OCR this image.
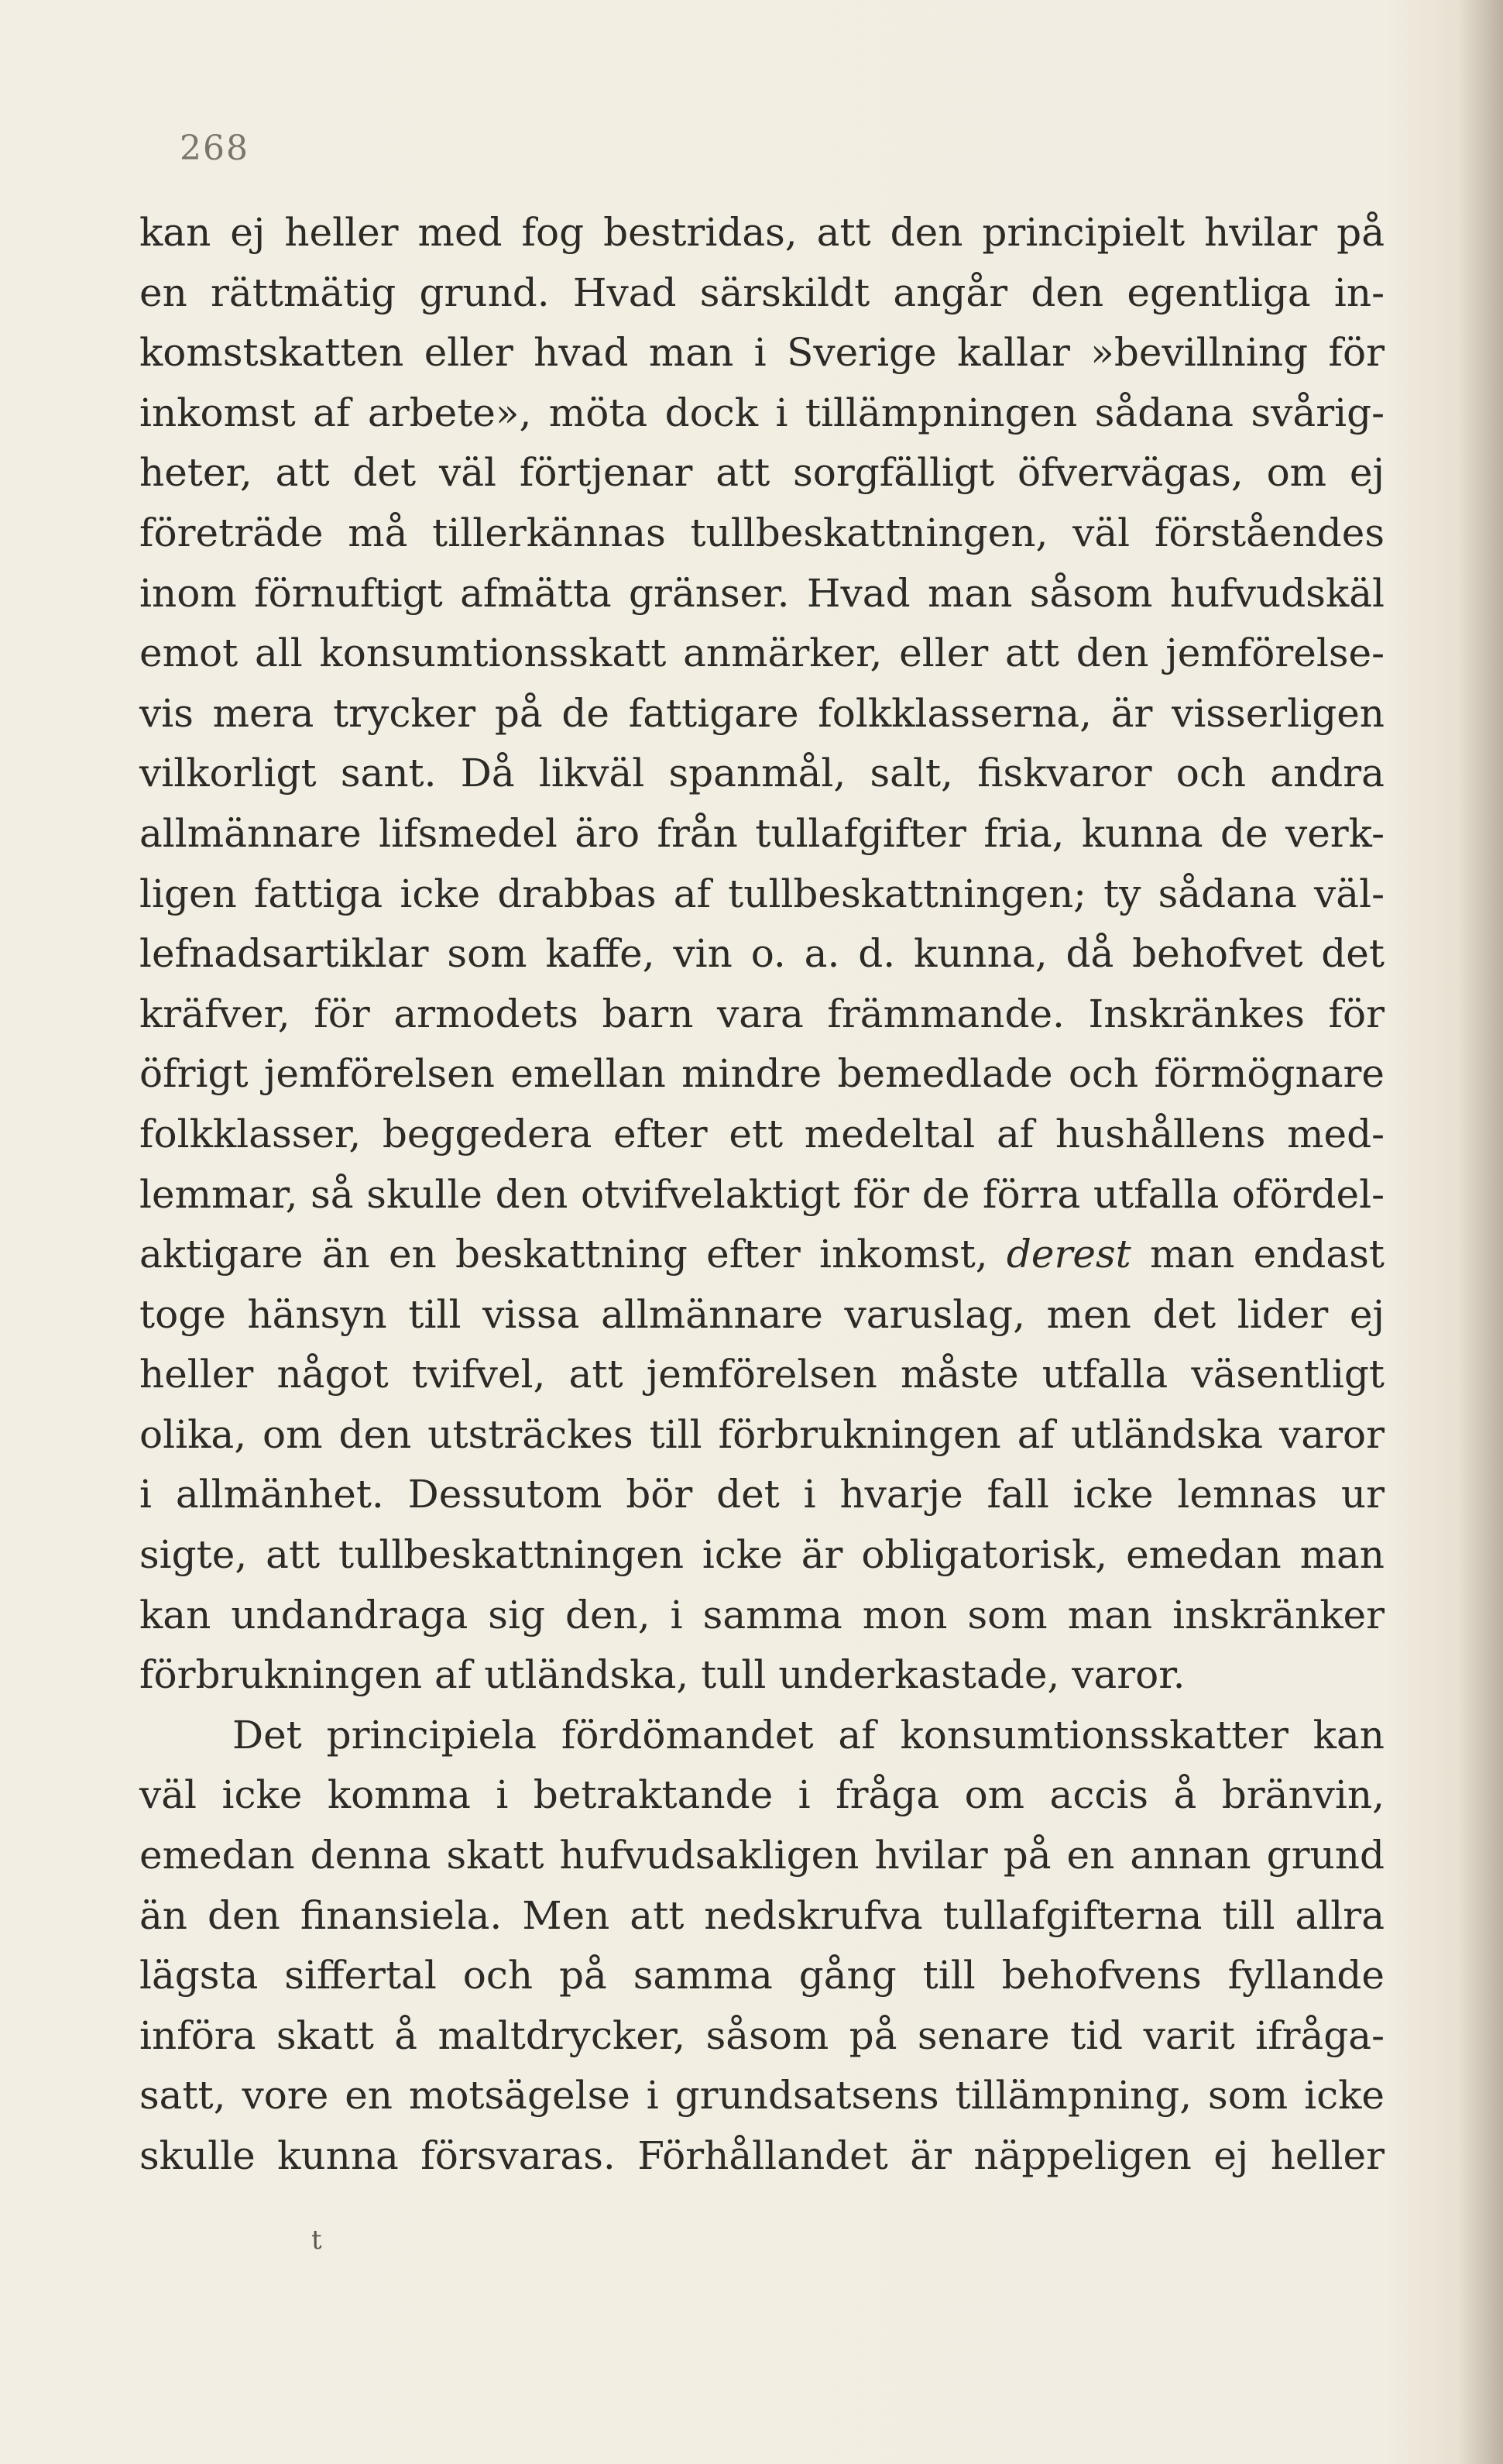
268
kan ej heller med fog bestridas, att den principielt hvilar på
en rättmätig grund. Hvad särskildt angår den egentliga in-
komstskatten eller hvad man i Sverige kallar »bevillning för
inkomst af arbete», möta dock i tillämpningen sådana svårig-
heter, att det väl förtjenar att sorgfälligt öfvervägas, om ej
företräde må tillerkännas tullbeskattningen, väl förståendes
inom förnuftigt afmätta gränser. Hvad man såsom hufvudskäl
emot all konsumtionsskatt anmärker, eller att den jemförelse-
vis mera trycker på de fattigare folkklasserna, är visserligen
vilkorligt sant. Då likväl spanmål, salt, fiskvaror och andra
allmännare lifsmedel äro från tullafgifter fria, kunna de verk-
ligen fattiga icke drabbas af tullbeskattningen; ty sådana väl-
lefnadsartiklar som kaffe, vin o. a. d. kunna, då behofvet det
kräfver, för armodets barn vara främmande. Inskränkes för
öfrigt jemförelsen emellan mindre bemedlade och förmögnare
folkklasser, beggedera efter ett medeltal af hushållens med-
lemmar, så skulle den otvifvelaktigt för de förra utfalla ofördel-
aktigare än en beskattning efter inkomst, derest man endast
toge hänsyn till vissa allmännare varuslag, men det lider ej
heller något tvifvel, att jemförelsen måste utfalla väsentligt
olika, om den utsträckes till förbrukningen af utländska varor
i allmänhet. Dessutom bör det i hvarje fall icke lemnas ur
sigte, att tullbeskattningen icke är obligatorisk, emedan man
kan undandraga sig den, i samma mon som man inskränker
förbrukningen af utländska, tull underkastade, varor.
Det principiela fördömandet af konsumtionsskatter kan
väl icke komma i betraktande i fråga om accis å bränvin,
emedan denna skatt hufvudsakligen hvilar på en annan grund
än den finansiela. Men att nedskrufva tullafgifterna till allra
lägsta siffertal och på samma gång till behofvens fyllande
införa skatt å maltdrycker, såsom på senare tid varit ifråga-
satt, vore en motsägelse i grundsatsens tillämpning, som icke
skulle kunna försvaras. Förhållandet är näppeligen ej heller
t
